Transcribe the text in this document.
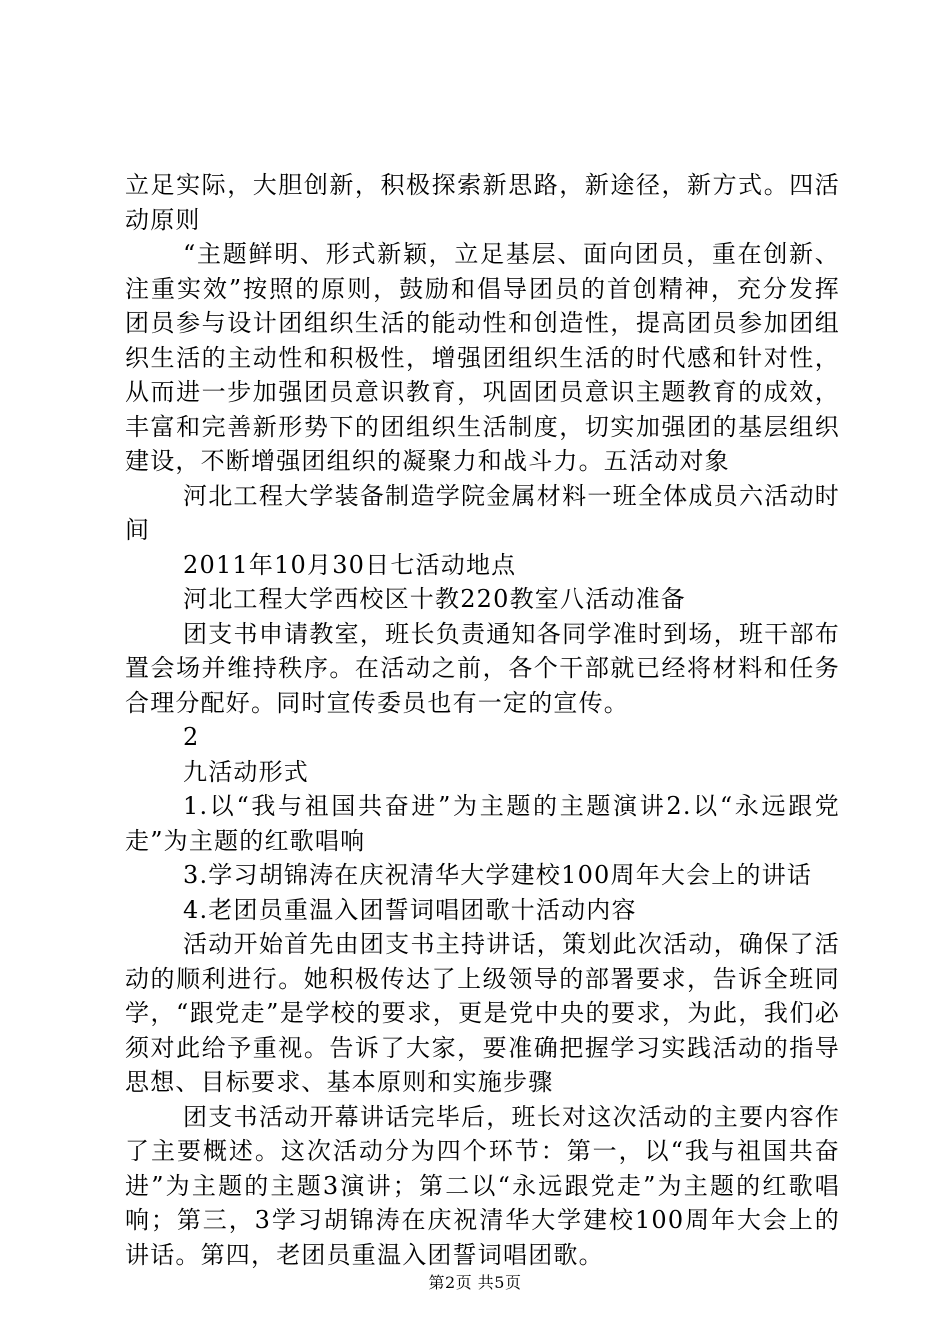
立足实际，大胆创新，积极探索新思路，新途径，新方式。四活动原则

“主题鲜明、形式新颖，立足基层、面向团员，重在创新、注重实效”按照的原则，鼓励和倡导团员的首创精神，充分发挥团员参与设计团组织生活的能动性和创造性，提高团员参加团组织生活的主动性和积极性，增强团组织生活的时代感和针对性，从而进一步加强团员意识教育，巩固团员意识主题教育的成效，丰富和完善新形势下的团组织生活制度，切实加强团的基层组织建设，不断增强团组织的凝聚力和战斗力。五活动对象

河北工程大学装备制造学院金属材料一班全体成员六活动时间

2011年10月30日七活动地点

河北工程大学西校区十教220教室八活动准备

团支书申请教室，班长负责通知各同学准时到场，班干部布置会场并维持秩序。在活动之前，各个干部就已经将材料和任务合理分配好。同时宣传委员也有一定的宣传。

2

九活动形式

1.以“我与祖国共奋进”为主题的主题演讲2.以“永远跟党走”为主题的红歌唱响

3.学习胡锦涛在庆祝清华大学建校100周年大会上的讲话

4.老团员重温入团誓词唱团歌十活动内容

活动开始首先由团支书主持讲话，策划此次活动，确保了活动的顺利进行。她积极传达了上级领导的部署要求，告诉全班同学，“跟党走”是学校的要求，更是党中央的要求，为此，我们必须对此给予重视。告诉了大家，要准确把握学习实践活动的指导思想、目标要求、基本原则和实施步骤

团支书活动开幕讲话完毕后，班长对这次活动的主要内容作了主要概述。这次活动分为四个环节：第一，以“我与祖国共奋进”为主题的主题3演讲；第二以“永远跟党走”为主题的红歌唱响；第三，3学习胡锦涛在庆祝清华大学建校100周年大会上的讲话。第四，老团员重温入团誓词唱团歌。

第2页 共5页
